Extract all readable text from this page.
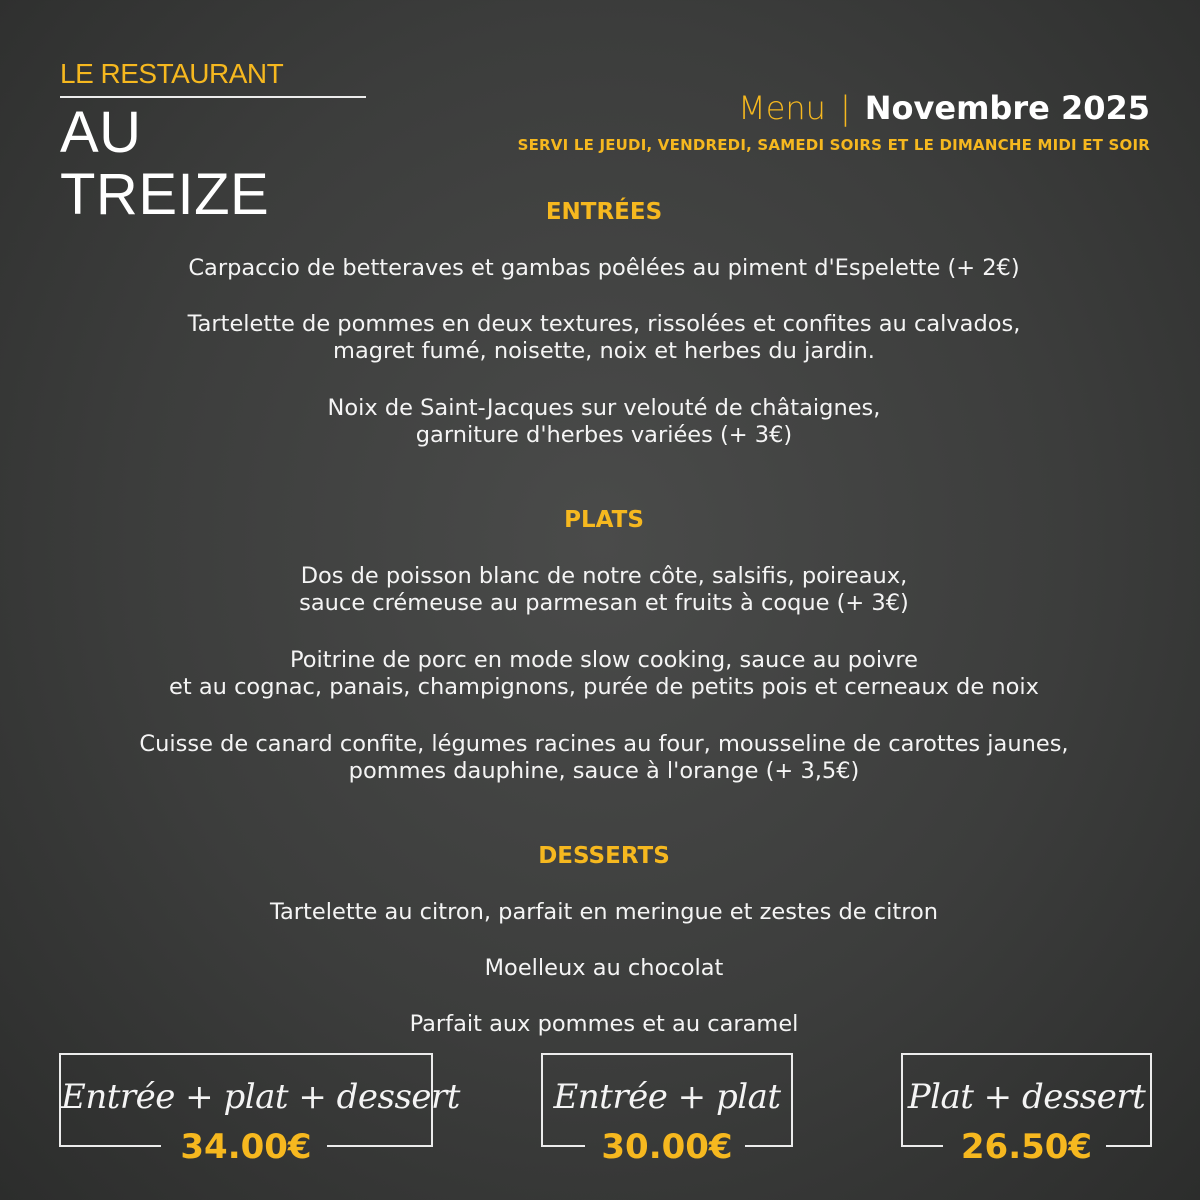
LE RESTAURANT
AU TREIZE
Menu | Novembre 2025
SERVI LE JEUDI, VENDREDI, SAMEDI SOIRS ET LE DIMANCHE MIDI ET SOIR
ENTRÉES
Carpaccio de betteraves et gambas poêlées au piment d'Espelette (+ 2€)
Tartelette de pommes en deux textures, rissolées et confites au calvados,
magret fumé, noisette, noix et herbes du jardin.
Noix de Saint-Jacques sur velouté de châtaignes,
garniture d'herbes variées (+ 3€)
PLATS
Dos de poisson blanc de notre côte, salsifis, poireaux,
sauce crémeuse au parmesan et fruits à coque (+ 3€)
Poitrine de porc en mode slow cooking, sauce au poivre
et au cognac, panais, champignons, purée de petits pois et cerneaux de noix
Cuisse de canard confite, légumes racines au four, mousseline de carottes jaunes,
pommes dauphine, sauce à l'orange (+ 3,5€)
DESSERTS
Tartelette au citron, parfait en meringue et zestes de citron
Moelleux au chocolat
Parfait aux pommes et au caramel
Entrée + plat + dessert
34.00€
Entrée + plat
30.00€
Plat + dessert
26.50€
